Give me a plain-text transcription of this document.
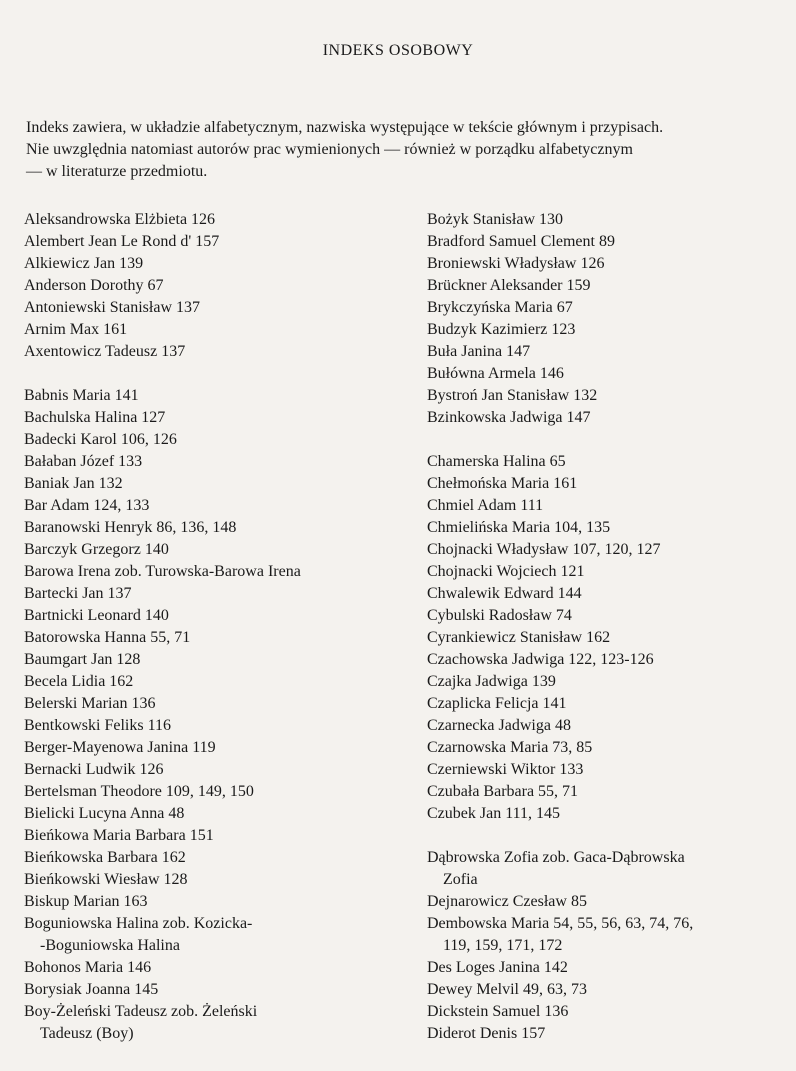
INDEKS OSOBOWY
Indeks zawiera, w układzie alfabetycznym, nazwiska występujące w tekście głównym i przypisach.
Nie uwzględnia natomiast autorów prac wymienionych — również w porządku alfabetycznym
— w literaturze przedmiotu.
Aleksandrowska Elżbieta 126
Alembert Jean Le Rond d' 157
Alkiewicz Jan 139
Anderson Dorothy 67
Antoniewski Stanisław 137
Arnim Max 161
Axentowicz Tadeusz 137
Babnis Maria 141
Bachulska Halina 127
Badecki Karol 106, 126
Bałaban Józef 133
Baniak Jan 132
Bar Adam 124, 133
Baranowski Henryk 86, 136, 148
Barczyk Grzegorz 140
Barowa Irena zob. Turowska-Barowa Irena
Bartecki Jan 137
Bartnicki Leonard 140
Batorowska Hanna 55, 71
Baumgart Jan 128
Becela Lidia 162
Belerski Marian 136
Bentkowski Feliks 116
Berger-Mayenowa Janina 119
Bernacki Ludwik 126
Bertelsman Theodore 109, 149, 150
Bielicki Lucyna Anna 48
Bieńkowa Maria Barbara 151
Bieńkowska Barbara 162
Bieńkowski Wiesław 128
Biskup Marian 163
Boguniowska Halina zob. Kozicka-
-Boguniowska Halina
Bohonos Maria 146
Borysiak Joanna 145
Boy-Żeleński Tadeusz zob. Żeleński
Tadeusz (Boy)
Bożyk Stanisław 130
Bradford Samuel Clement 89
Broniewski Władysław 126
Brückner Aleksander 159
Brykczyńska Maria 67
Budzyk Kazimierz 123
Buła Janina 147
Bułówna Armela 146
Bystroń Jan Stanisław 132
Bzinkowska Jadwiga 147
Chamerska Halina 65
Chełmońska Maria 161
Chmiel Adam 111
Chmielińska Maria 104, 135
Chojnacki Władysław 107, 120, 127
Chojnacki Wojciech 121
Chwalewik Edward 144
Cybulski Radosław 74
Cyrankiewicz Stanisław 162
Czachowska Jadwiga 122, 123-126
Czajka Jadwiga 139
Czaplicka Felicja 141
Czarnecka Jadwiga 48
Czarnowska Maria 73, 85
Czerniewski Wiktor 133
Czubała Barbara 55, 71
Czubek Jan 111, 145
Dąbrowska Zofia zob. Gaca-Dąbrowska
Zofia
Dejnarowicz Czesław 85
Dembowska Maria 54, 55, 56, 63, 74, 76,
119, 159, 171, 172
Des Loges Janina 142
Dewey Melvil 49, 63, 73
Dickstein Samuel 136
Diderot Denis 157
